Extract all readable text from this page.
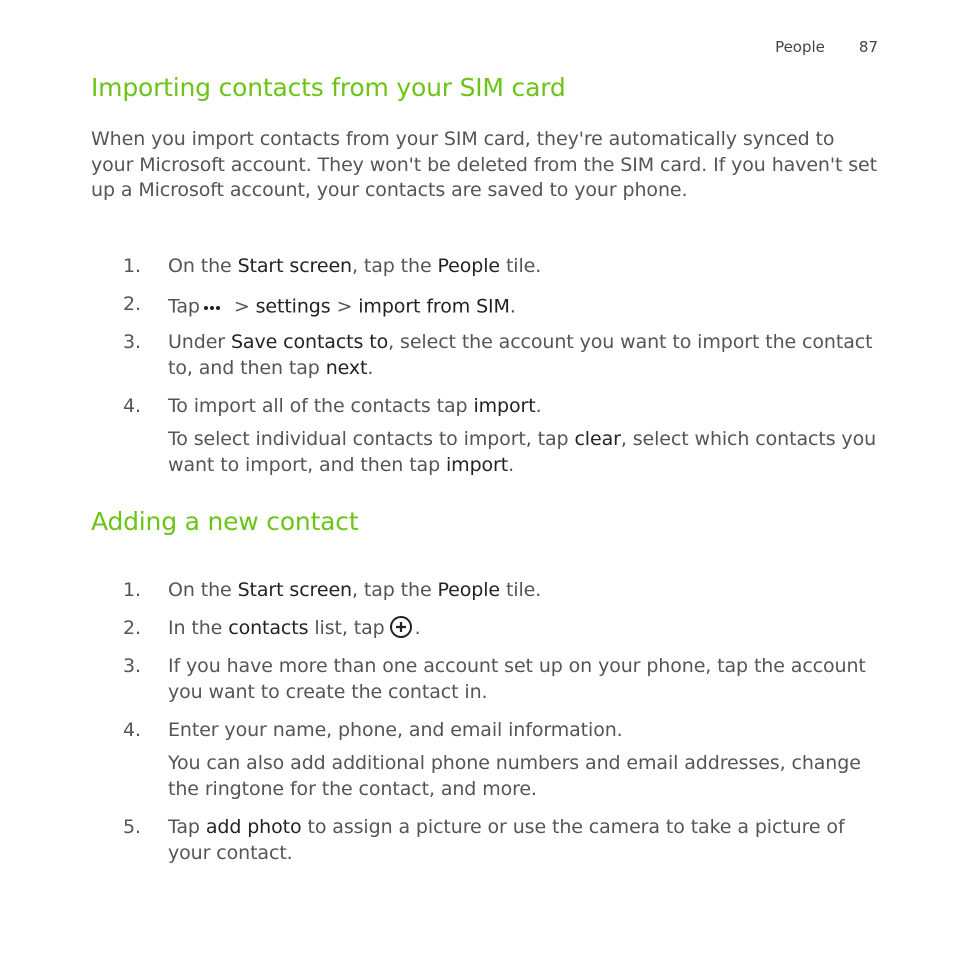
People 87
Importing contacts from your SIM card

When you import contacts from your SIM card, they're automatically synced to your Microsoft account. They won't be deleted from the SIM card. If you haven't set up a Microsoft account, your contacts are saved to your phone.

1.	On the Start screen, tap the People tile.
2.	Tap > settings > import from SIM.
3.	Under Save contacts to, select the account you want to import the contact to, and then tap next.
4.	To import all of the contacts tap import.
To select individual contacts to import, tap clear, select which contacts you want to import, and then tap import.
Adding a new contact
1.	On the Start screen, tap the People tile.
2.	In the contacts list, tap .
3.	If you have more than one account set up on your phone, tap the account you want to create the contact in.
4.	Enter your name, phone, and email information.
You can also add additional phone numbers and email addresses, change the ringtone for the contact, and more.
5.	Tap add photo to assign a picture or use the camera to take a picture of your contact.
